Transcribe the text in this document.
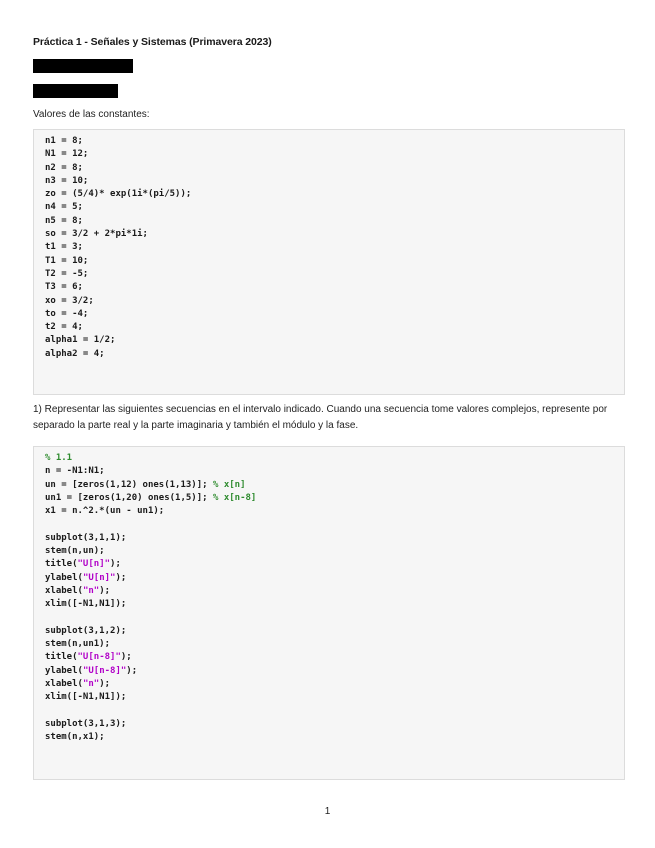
Práctica 1 - Señales y Sistemas (Primavera 2023)
Valores de las constantes:
n1 = 8;
N1 = 12;
n2 = 8;
n3 = 10;
zo = (5/4)* exp(1i*(pi/5));
n4 = 5;
n5 = 8;
so = 3/2 + 2*pi*1i;
t1 = 3;
T1 = 10;
T2 = -5;
T3 = 6;
xo = 3/2;
to = -4;
t2 = 4;
alpha1 = 1/2;
alpha2 = 4;
1) Representar las siguientes secuencias en el intervalo indicado. Cuando una secuencia tome valores complejos, represente por separado la parte real y la parte imaginaria y también el módulo y la fase.
% 1.1
n = -N1:N1;
un = [zeros(1,12) ones(1,13)]; % x[n]
un1 = [zeros(1,20) ones(1,5)]; % x[n-8]
x1 = n.^2.*(un - un1);
subplot(3,1,1);
stem(n,un);
title("U[n]");
ylabel("U[n]");
xlabel("n");
xlim([-N1,N1]);
subplot(3,1,2);
stem(n,un1);
title("U[n-8]");
ylabel("U[n-8]");
xlabel("n");
xlim([-N1,N1]);
subplot(3,1,3);
stem(n,x1);
1
